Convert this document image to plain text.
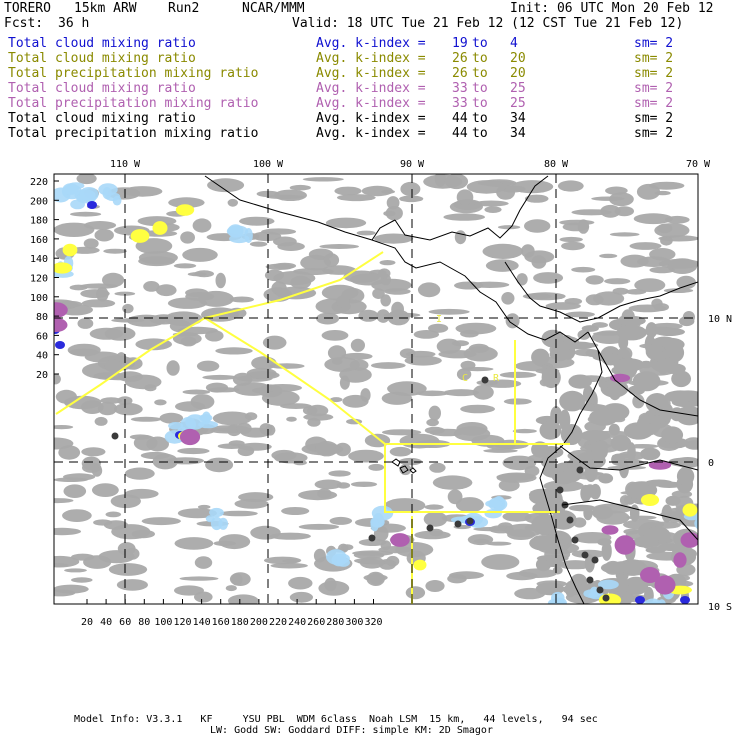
TORERO 15km ARW Run2	NCAR/MMM	Init: 06 UTC Mon 20 Feb 12
Fcst: 36 h	Valid: 18 UTC Tue 21 Feb 12 (12 CST Tue 21 Feb 12)
Total cloud mixing ratio	Avg. k-index = 19 to 4	sm= 2
Total cloud mixing ratio	Avg. k-index = 26 to 20	sm= 2
Total precipitation mixing ratio	Avg. k-index = 26 to 20	sm= 2
Total cloud mixing ratio	Avg. k-index = 33 to 25	sm= 2
Total precipitation mixing ratio	Avg. k-index = 33 to 25	sm= 2
Total cloud mixing ratio	Avg. k-index = 44 to 34	sm= 2
Total precipitation mixing ratio	Avg. k-index = 44 to 34	sm= 2
110 W	100 W	90 W	80 W	70 W
10 N
0
10 S
220
200
180
160
140
120
100
80
60
40
20
20 40 60 80 100 120 140 160 180 200 220 240 260 280 300 320
I
C R
Model Info: V3.3.1   KF     YSU PBL  WDM 6class  Noah LSM  15 km,   44 levels,   94 sec
LW: Godd SW: Goddard DIFF: simple KM: 2D Smagor
